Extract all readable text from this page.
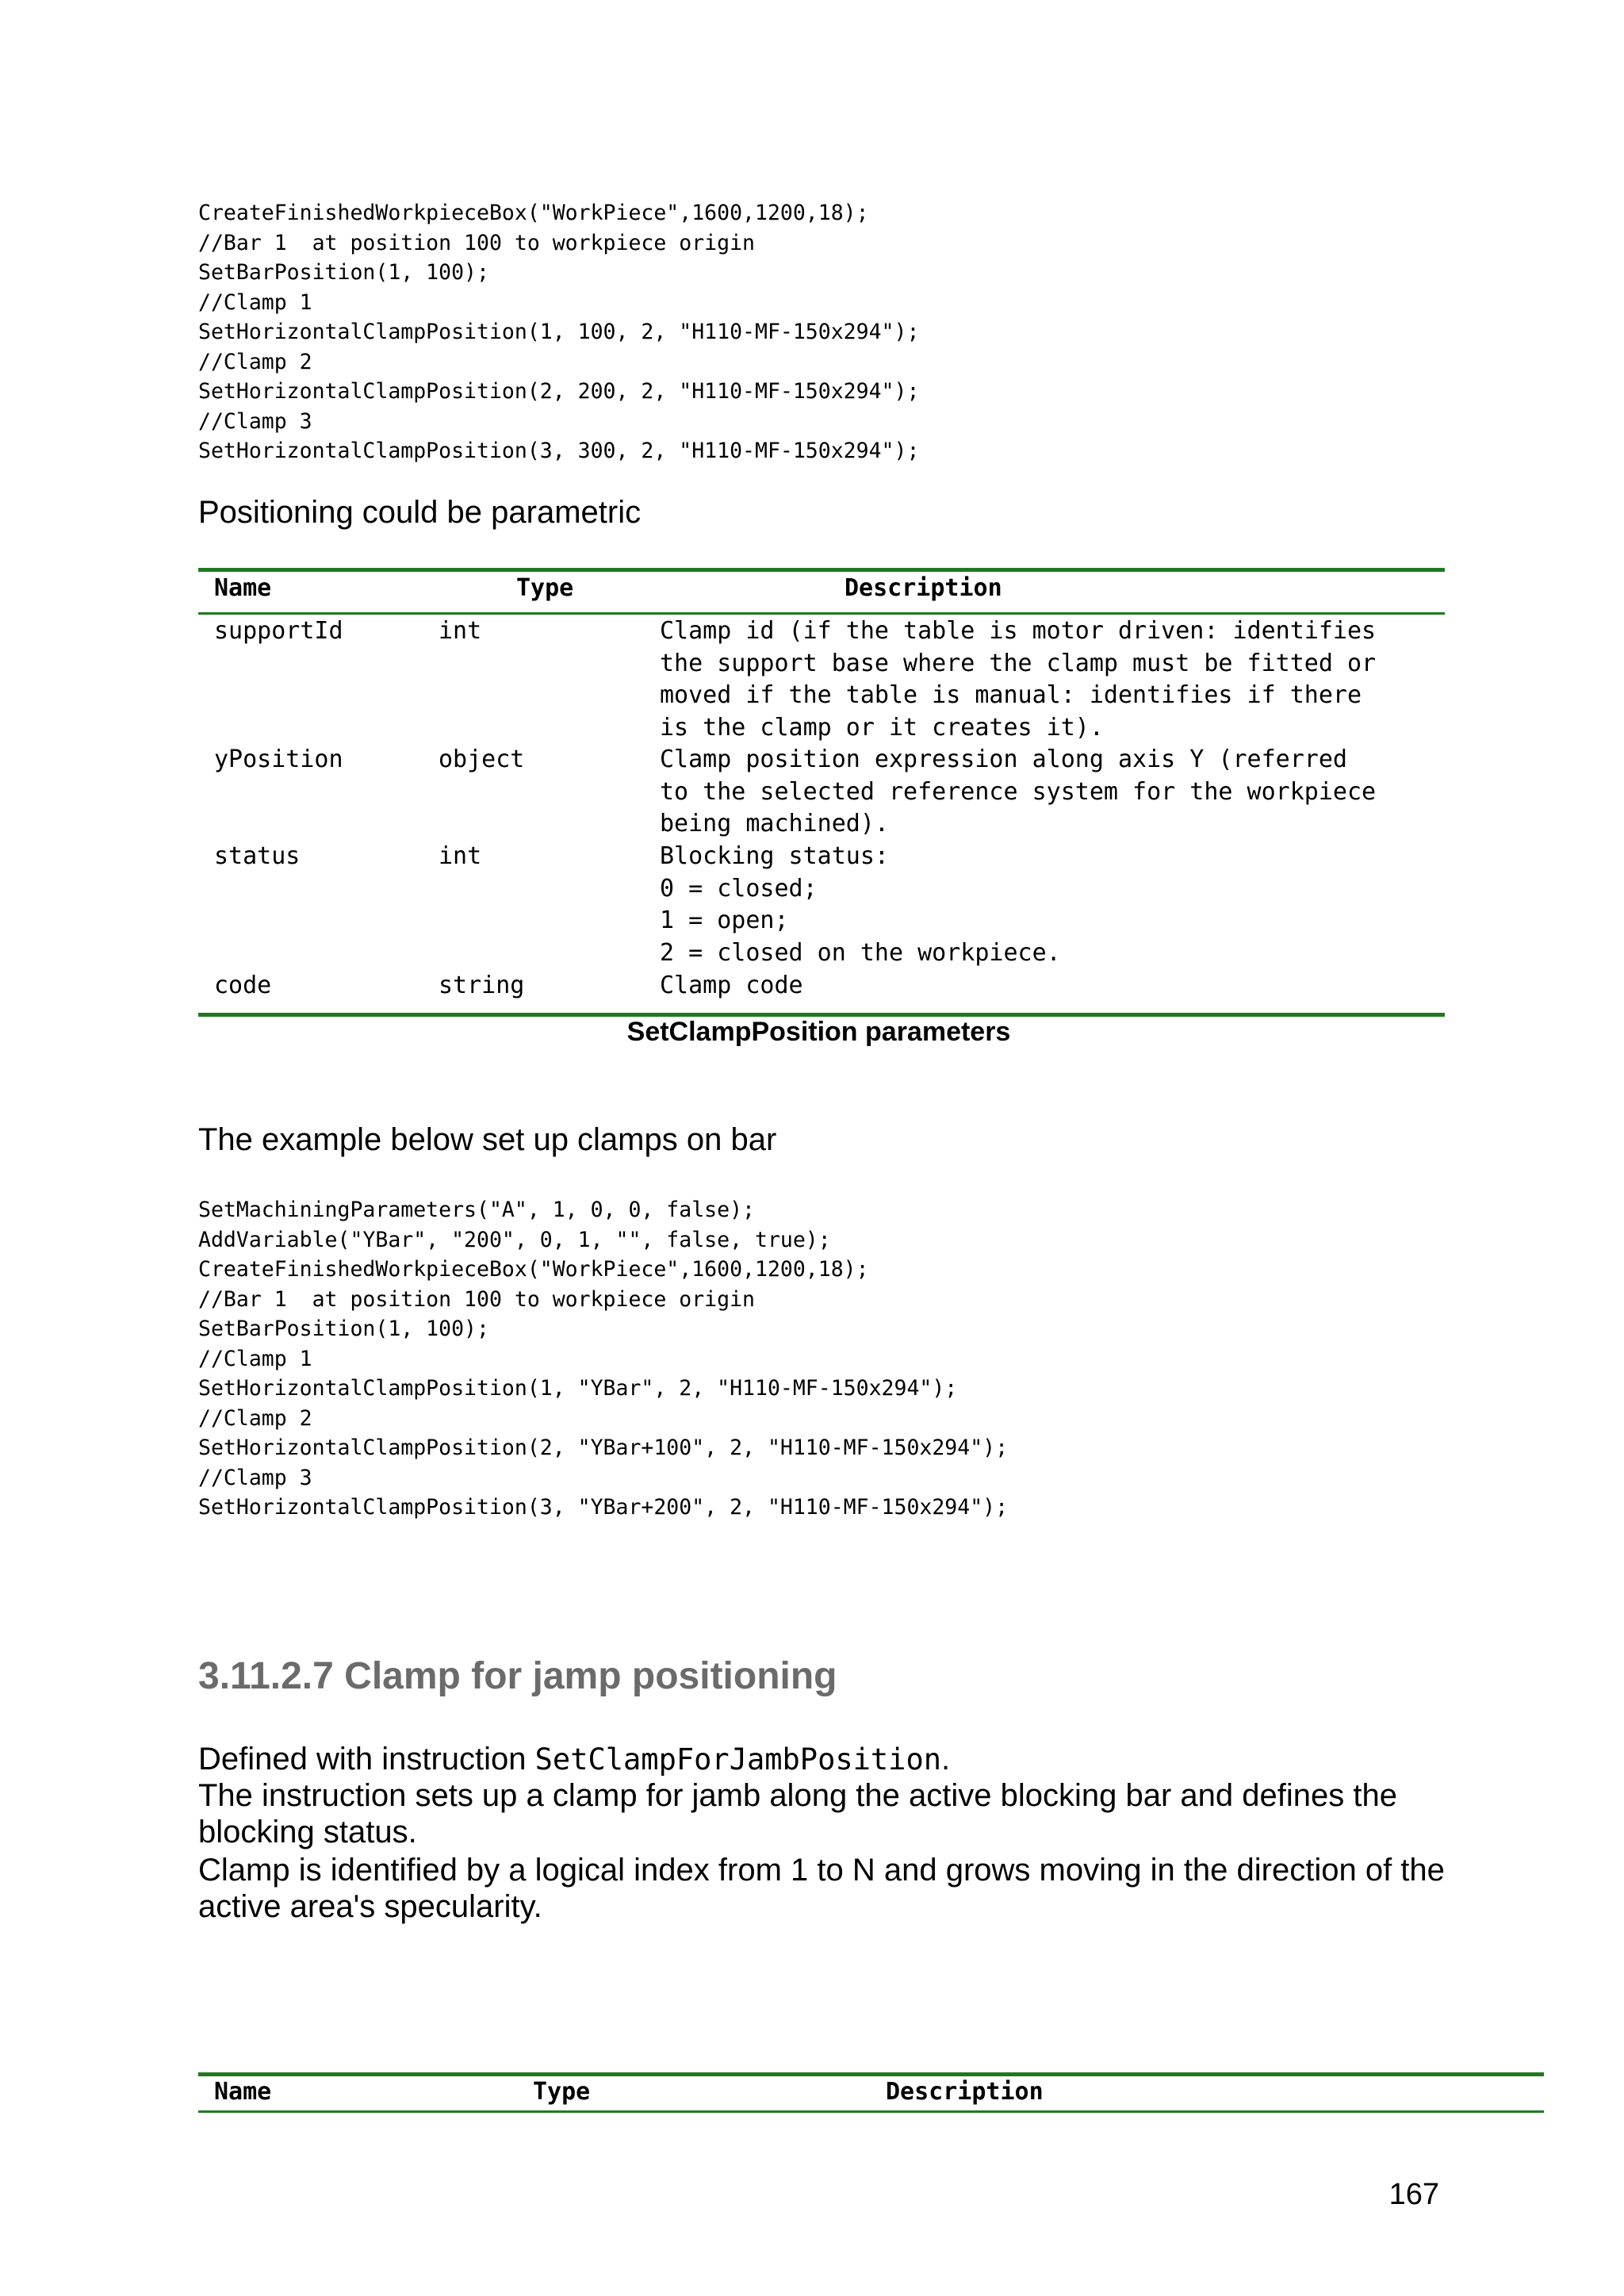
CreateFinishedWorkpieceBox("WorkPiece",1600,1200,18);
//Bar 1  at position 100 to workpiece origin
SetBarPosition(1, 100);
//Clamp 1
SetHorizontalClampPosition(1, 100, 2, "H110-MF-150x294");
//Clamp 2
SetHorizontalClampPosition(2, 200, 2, "H110-MF-150x294");
//Clamp 3
SetHorizontalClampPosition(3, 300, 2, "H110-MF-150x294");
Positioning could be parametric
Name	Type	Description
supportId	int	Clamp id (if the table is motor driven: identifies
the support base where the clamp must be fitted or
moved if the table is manual: identifies if there
is the clamp or it creates it).
yPosition	object	Clamp position expression along axis Y (referred
to the selected reference system for the workpiece
being machined).
status	int	Blocking status:
0 = closed;
1 = open;
2 = closed on the workpiece.
code	string	Clamp code
SetClampPosition parameters
The example below set up clamps on bar
SetMachiningParameters("A", 1, 0, 0, false);
AddVariable("YBar", "200", 0, 1, "", false, true);
CreateFinishedWorkpieceBox("WorkPiece",1600,1200,18);
//Bar 1  at position 100 to workpiece origin
SetBarPosition(1, 100);
//Clamp 1
SetHorizontalClampPosition(1, "YBar", 2, "H110-MF-150x294");
//Clamp 2
SetHorizontalClampPosition(2, "YBar+100", 2, "H110-MF-150x294");
//Clamp 3
SetHorizontalClampPosition(3, "YBar+200", 2, "H110-MF-150x294");
3.11.2.7 Clamp for jamp positioning
Defined with instruction SetClampForJambPosition.
The instruction sets up a clamp for jamb along the active blocking bar and defines the blocking status.
Clamp is identified by a logical index from 1 to N and grows moving in the direction of the active area's specularity.
Name	Type	Description
167
